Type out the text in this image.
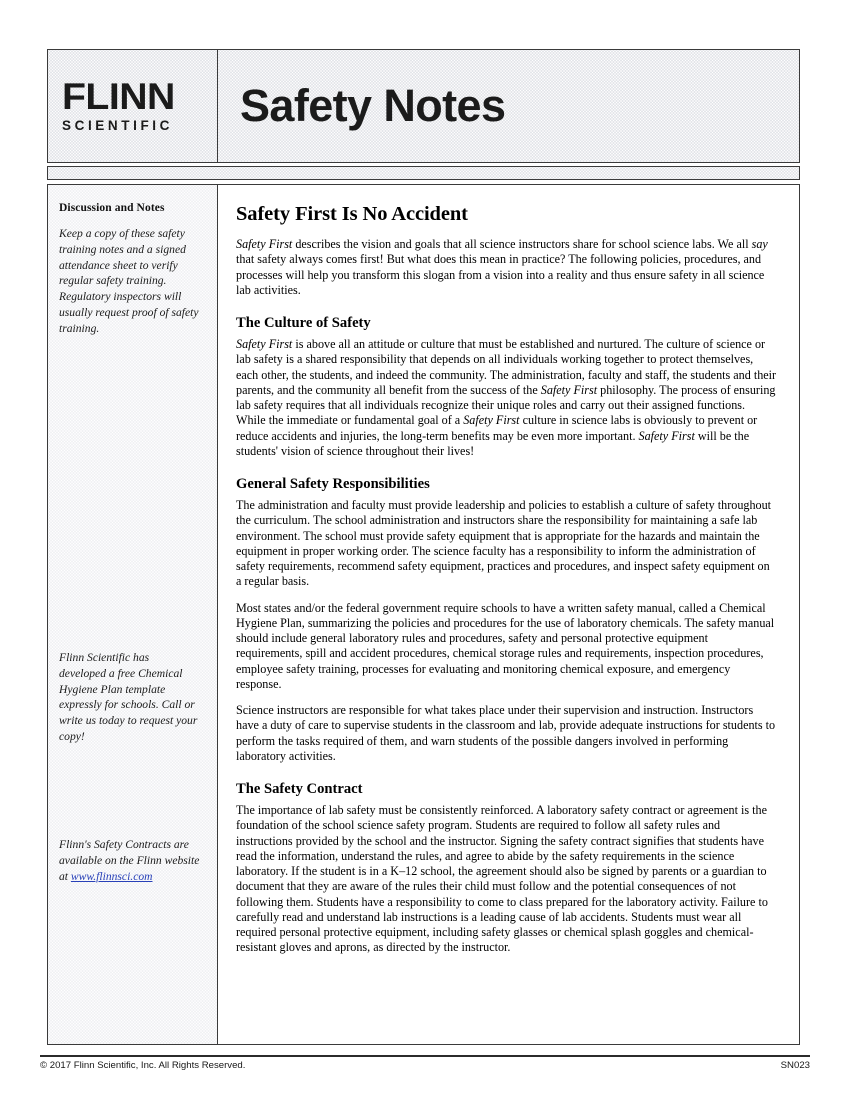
FLINN
SCIENTIFIC Safety Notes
Discussion and Notes

Keep a copy of these safety training notes and a signed attendance sheet to verify regular safety training. Regulatory inspectors will usually request proof of safety training.

Flinn Scientific has developed a free Chemical Hygiene Plan template expressly for schools. Call or write us today to request your copy!

Flinn's Safety Contracts are available on the Flinn website at www.flinnsci.com

Safety First Is No Accident

Safety First describes the vision and goals that all science instructors share for school science labs. We all say that safety always comes first! But what does this mean in practice? The following policies, procedures, and processes will help you transform this slogan from a vision into a reality and thus ensure safety in all science lab activities.

The Culture of Safety

Safety First is above all an attitude or culture that must be established and nurtured. The culture of science or lab safety is a shared responsibility that depends on all individuals working together to protect themselves, each other, the students, and indeed the community. The administration, faculty and staff, the students and their parents, and the community all benefit from the success of the Safety First philosophy. The process of ensuring lab safety requires that all individuals recognize their unique roles and carry out their assigned functions. While the immediate or fundamental goal of a Safety First culture in science labs is obviously to prevent or reduce accidents and injuries, the long-term benefits may be even more important. Safety First will be the students' vision of science throughout their lives!

General Safety Responsibilities

The administration and faculty must provide leadership and policies to establish a culture of safety throughout the curriculum. The school administration and instructors share the responsibility for maintaining a safe lab environment. The school must provide safety equipment that is appropriate for the hazards and maintain the equipment in proper working order. The science faculty has a responsibility to inform the administration of safety requirements, recommend safety equipment, practices and procedures, and inspect safety equipment on a regular basis.

Most states and/or the federal government require schools to have a written safety manual, called a Chemical Hygiene Plan, summarizing the policies and procedures for the use of laboratory chemicals. The safety manual should include general laboratory rules and procedures, safety and personal protective equipment requirements, spill and accident procedures, chemical storage rules and requirements, inspection procedures, employee safety training, processes for evaluating and monitoring chemical exposure, and emergency response.

Science instructors are responsible for what takes place under their supervision and instruction. Instructors have a duty of care to supervise students in the classroom and lab, provide adequate instructions for students to perform the tasks required of them, and warn students of the possible dangers involved in performing laboratory activities.

The Safety Contract

The importance of lab safety must be consistently reinforced. A laboratory safety contract or agreement is the foundation of the school science safety program. Students are required to follow all safety rules and instructions provided by the school and the instructor. Signing the safety contract signifies that students have read the information, understand the rules, and agree to abide by the safety requirements in the science laboratory. If the student is in a K–12 school, the agreement should also be signed by parents or a guardian to document that they are aware of the rules their child must follow and the potential consequences of not following them. Students have a responsibility to come to class prepared for the laboratory activity. Failure to carefully read and understand lab instructions is a leading cause of lab accidents. Students must wear all required personal protective equipment, including safety glasses or chemical splash goggles and chemical-resistant gloves and aprons, as directed by the instructor.

© 2017 Flinn Scientific, Inc. All Rights Reserved.	SN023
